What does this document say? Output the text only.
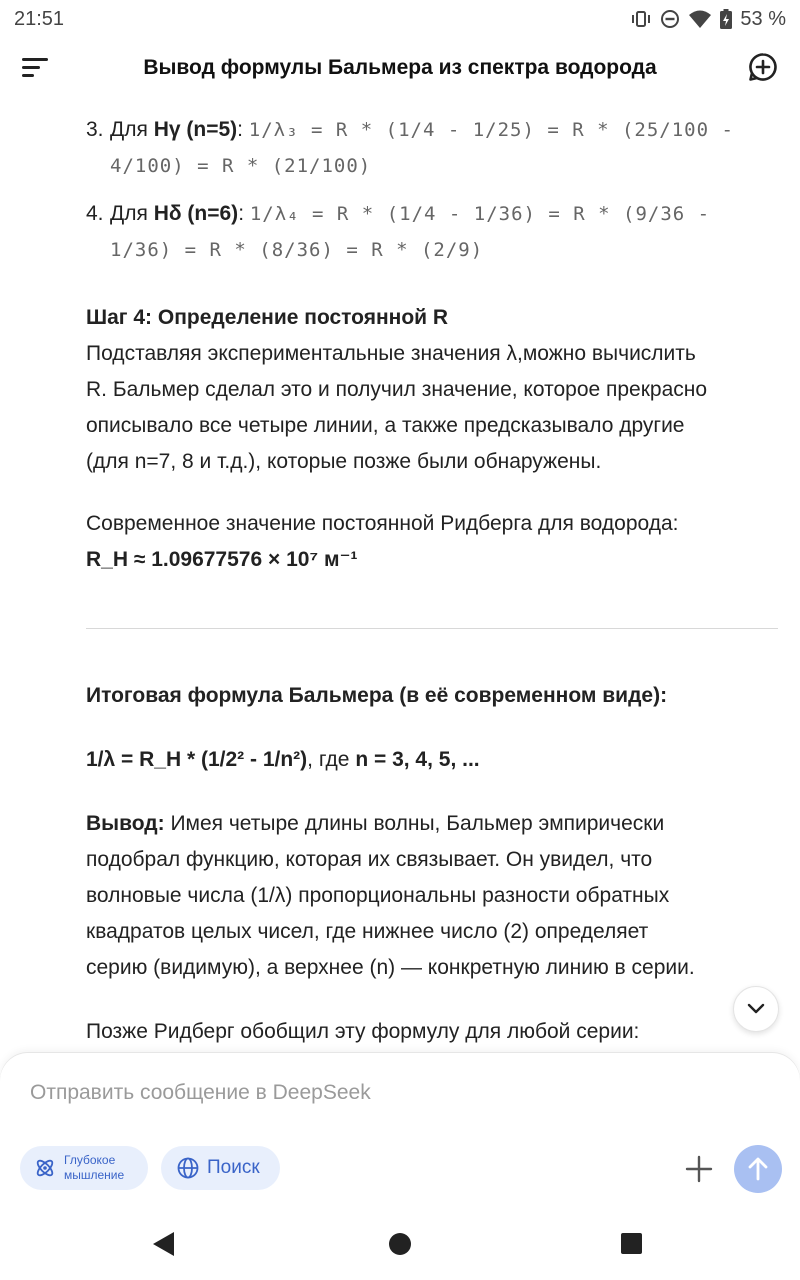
21:51	53 %
Вывод формулы Бальмера из спектра водорода
3. Для Hγ (n=5): 1/λ₃ = R * (1/4 - 1/25) = R * (25/100 -
4/100) = R * (21/100)
4. Для Hδ (n=6): 1/λ₄ = R * (1/4 - 1/36) = R * (9/36 -
1/36) = R * (8/36) = R * (2/9)
Шаг 4: Определение постоянной R
Подставляя экспериментальные значения λ,можно вычислить
R. Бальмер сделал это и получил значение, которое прекрасно
описывало все четыре линии, а также предсказывало другие
(для n=7, 8 и т.д.), которые позже были обнаружены.
Современное значение постоянной Ридберга для водорода:
R_H ≈ 1.09677576 × 10⁷ м⁻¹
Итоговая формула Бальмера (в её современном виде):
1/λ = R_H * (1/2² - 1/n²), где n = 3, 4, 5, ...
Вывод: Имея четыре длины волны, Бальмер эмпирически
подобрал функцию, которая их связывает. Он увидел, что
волновые числа (1/λ) пропорциональны разности обратных
квадратов целых чисел, где нижнее число (2) определяет
серию (видимую), а верхнее (n) — конкретную линию в серии.
Позже Ридберг обобщил эту формулу для любой серии:
Отправить сообщение в DeepSeek
Глубокое
мышление	Поиск
